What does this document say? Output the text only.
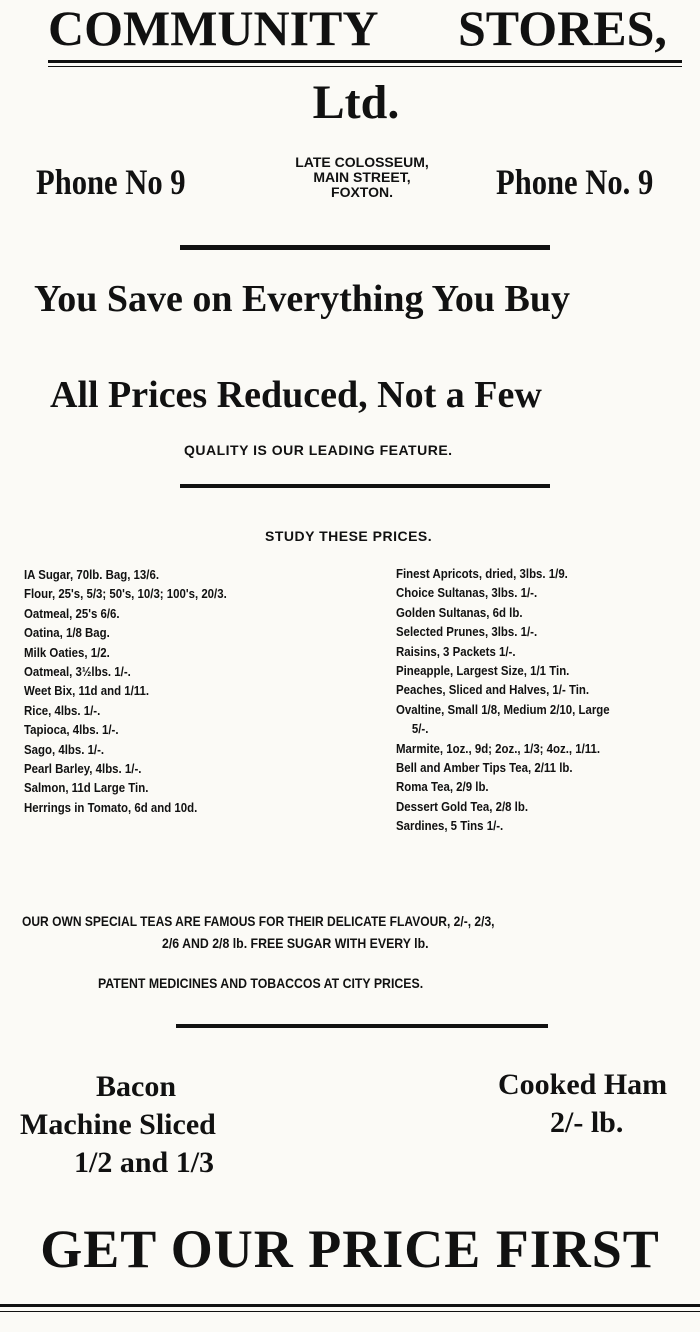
COMMUNITY STORES,
Ltd.
Phone No 9	LATE COLOSSEUM,
MAIN STREET,
FOXTON.	Phone No. 9
You Save on Everything You Buy
All Prices Reduced, Not a Few
QUALITY IS OUR LEADING FEATURE.
STUDY THESE PRICES.
IA Sugar, 70lb. Bag, 13/6.
Flour, 25's, 5/3; 50's, 10/3; 100's, 20/3.
Oatmeal, 25's 6/6.
Oatina, 1/8 Bag.
Milk Oaties, 1/2.
Oatmeal, 3½lbs. 1/-.
Weet Bix, 11d and 1/11.
Rice, 4lbs. 1/-.
Tapioca, 4lbs. 1/-.
Sago, 4lbs. 1/-.
Pearl Barley, 4lbs. 1/-.
Salmon, 11d Large Tin.
Herrings in Tomato, 6d and 10d.
Finest Apricots, dried, 3lbs. 1/9.
Choice Sultanas, 3lbs. 1/-.
Golden Sultanas, 6d lb.
Selected Prunes, 3lbs. 1/-.
Raisins, 3 Packets 1/-.
Pineapple, Largest Size, 1/1 Tin.
Peaches, Sliced and Halves, 1/- Tin.
Ovaltine, Small 1/8, Medium 2/10, Large
5/-.
Marmite, 1oz., 9d; 2oz., 1/3; 4oz., 1/11.
Bell and Amber Tips Tea, 2/11 lb.
Roma Tea, 2/9 lb.
Dessert Gold Tea, 2/8 lb.
Sardines, 5 Tins 1/-.
OUR OWN SPECIAL TEAS ARE FAMOUS FOR THEIR DELICATE FLAVOUR, 2/-, 2/3,
2/6 AND 2/8 lb. FREE SUGAR WITH EVERY lb.
PATENT MEDICINES AND TOBACCOS AT CITY PRICES.
Bacon
Machine Sliced
1/2 and 1/3
Cooked Ham
2/- lb.
GET OUR PRICE FIRST
